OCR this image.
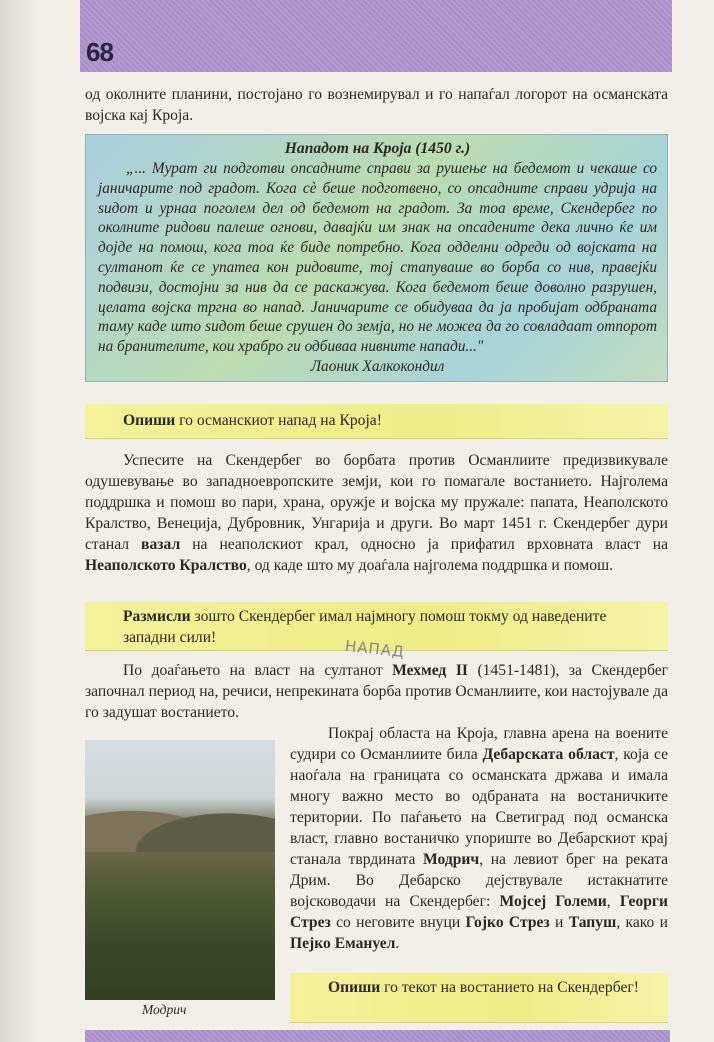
68
од околните планини, постојано го вознемирувал и го напаѓал логорот на османската војска кај Кроја.
Нападот на Кроја (1450 г.)
„... Мурат ги подготви опсадните справи за рушење на бедемот и чекаше со јаничарите под градот. Кога сè беше подготвено, со опсадните справи удрија на ѕидот и урнаа поголем дел од бедемот на градот. За тоа време, Скендербег по околните ридови палеше огнови, давајќи им знак на опсадените дека лично ќе им дојде на помош, кога тоа ќе биде потребно. Кога одделни одреди од војската на султанот ќе се упатеа кон ридовите, тој стапуваше во борба со нив, правејќи подвизи, достојни за нив да се раскажува. Кога бедемот беше доволно разрушен, целата војска тргна во напад. Јаничарите се обидуваа да ја пробијат одбраната таму каде што ѕидот беше срушен до земја, но не можеа да го совладаат отпорот на бранителите, кои храбро ги одбиваа нивните напади..."
Лаоник Халкокондил
Опиши го османскиот напад на Кроја!
Успесите на Скендербег во борбата против Османлиите предизвикувале одушевување во западноевропските земји, кои го помагале востанието. Најголема поддршка и помош во пари, храна, оружје и војска му пружале: папата, Неаполското Кралство, Венеција, Дубровник, Унгарија и други. Во март 1451 г. Скендербег дури станал вазал на неаполскиот крал, односно ја прифатил врховната власт на Неаполското Кралство, од каде што му доаѓала најголема поддршка и помош.
Размисли зошто Скендербег имал најмногу помош токму од наведените западни сили!	НАПАД
По доаѓањето на власт на султанот Мехмед II (1451-1481), за Скендербег започнал период на, речиси, непрекината борба против Османлиите, кои настојувале да го задушат востанието.
Модрич
Покрај областа на Кроја, главна арена на воените судири со Османлиите била Дебарската област, која се наоѓала на границата со османската држава и имала многу важно место во одбраната на востаничките територии. По паѓањето на Светиград под османска власт, главно востаничко упориште во Дебарскиот крај станала тврдината Модрич, на левиот брег на реката Дрим. Во Дебарско дејствувале истакнатите војсководачи на Скендербег: Мојсеј Големи, Георги Стрез со неговите внуци Гојко Стрез и Тапуш, како и Пејко Емануел.
Опиши го текот на востанието на Скендербег!
